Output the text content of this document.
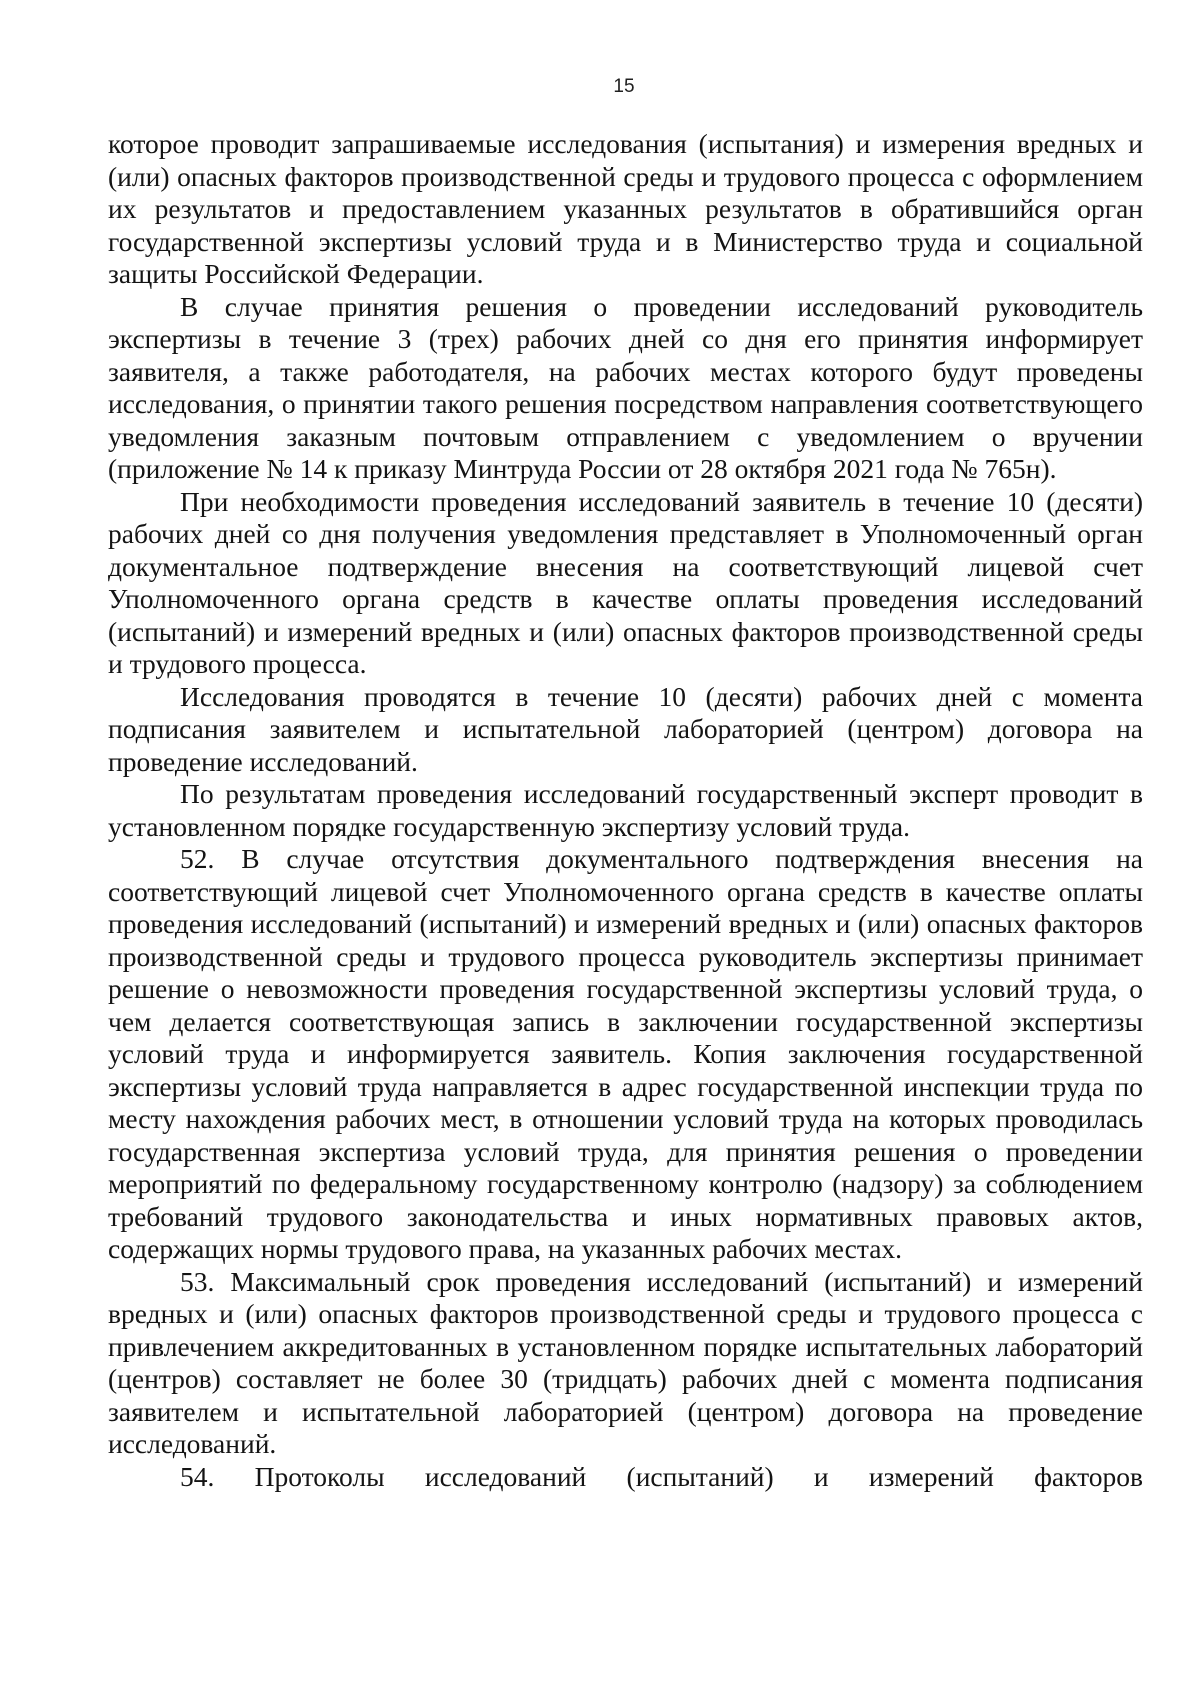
15

которое проводит запрашиваемые исследования (испытания) и измерения вредных и (или) опасных факторов производственной среды и трудового процесса с оформлением их результатов и предоставлением указанных результатов в обратившийся орган государственной экспертизы условий труда и в Министерство труда и социальной защиты Российской Федерации.

В случае принятия решения о проведении исследований руководитель экспертизы в течение 3 (трех) рабочих дней со дня его принятия информирует заявителя, а также работодателя, на рабочих местах которого будут проведены исследования, о принятии такого решения посредством направления соответствующего уведомления заказным почтовым отправлением с уведомлением о вручении (приложение № 14 к приказу Минтруда России от 28 октября 2021 года № 765н).

При необходимости проведения исследований заявитель в течение 10 (десяти) рабочих дней со дня получения уведомления представляет в Уполномоченный орган документальное подтверждение внесения на соответствующий лицевой счет Уполномоченного органа средств в качестве оплаты проведения исследований (испытаний) и измерений вредных и (или) опасных факторов производственной среды и трудового процесса.

Исследования проводятся в течение 10 (десяти) рабочих дней с момента подписания заявителем и испытательной лабораторией (центром) договора на проведение исследований.

По результатам проведения исследований государственный эксперт проводит в установленном порядке государственную экспертизу условий труда.

52. В случае отсутствия документального подтверждения внесения на соответствующий лицевой счет Уполномоченного органа средств в качестве оплаты проведения исследований (испытаний) и измерений вредных и (или) опасных факторов производственной среды и трудового процесса руководитель экспертизы принимает решение о невозможности проведения государственной экспертизы условий труда, о чем делается соответствующая запись в заключении государственной экспертизы условий труда и информируется заявитель. Копия заключения государственной экспертизы условий труда направляется в адрес государственной инспекции труда по месту нахождения рабочих мест, в отношении условий труда на которых проводилась государственная экспертиза условий труда, для принятия решения о проведении мероприятий по федеральному государственному контролю (надзору) за соблюдением требований трудового законодательства и иных нормативных правовых актов, содержащих нормы трудового права, на указанных рабочих местах.

53. Максимальный срок проведения исследований (испытаний) и измерений вредных и (или) опасных факторов производственной среды и трудового процесса с привлечением аккредитованных в установленном порядке испытательных лабораторий (центров) составляет не более 30 (тридцать) рабочих дней с момента подписания заявителем и испытательной лабораторией (центром) договора на проведение исследований.

54. Протоколы исследований (испытаний) и измерений факторов
